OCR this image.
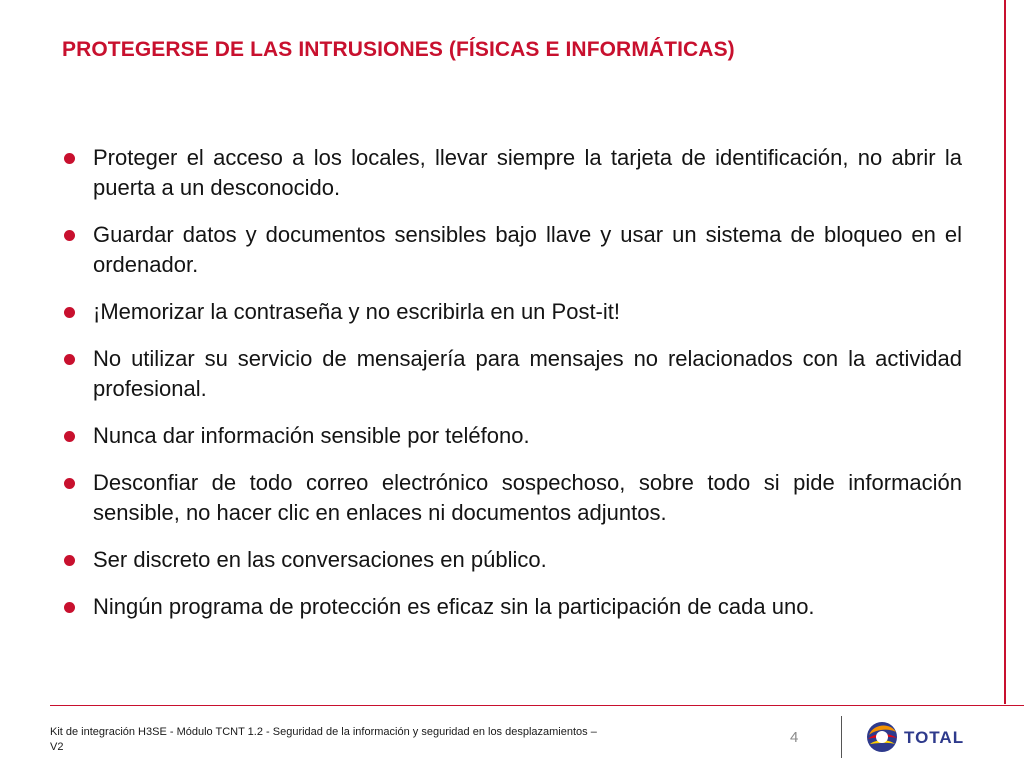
PROTEGERSE DE LAS INTRUSIONES (FÍSICAS E INFORMÁTICAS)
Proteger el acceso a los locales, llevar siempre la tarjeta de identificación, no abrir la puerta a un desconocido.
Guardar datos y documentos sensibles bajo llave y usar un sistema de bloqueo en el ordenador.
¡Memorizar la contraseña y no escribirla en un Post-it!
No utilizar su servicio de mensajería para mensajes no relacionados con la actividad profesional.
Nunca dar información sensible por teléfono.
Desconfiar de todo correo electrónico sospechoso, sobre todo si pide información sensible, no hacer clic en enlaces ni documentos adjuntos.
Ser discreto en las conversaciones en público.
Ningún programa de protección es eficaz sin la participación de cada uno.
Kit de integración H3SE - Módulo TCNT 1.2 - Seguridad de la información y seguridad en los desplazamientos – V2
4	TOTAL
